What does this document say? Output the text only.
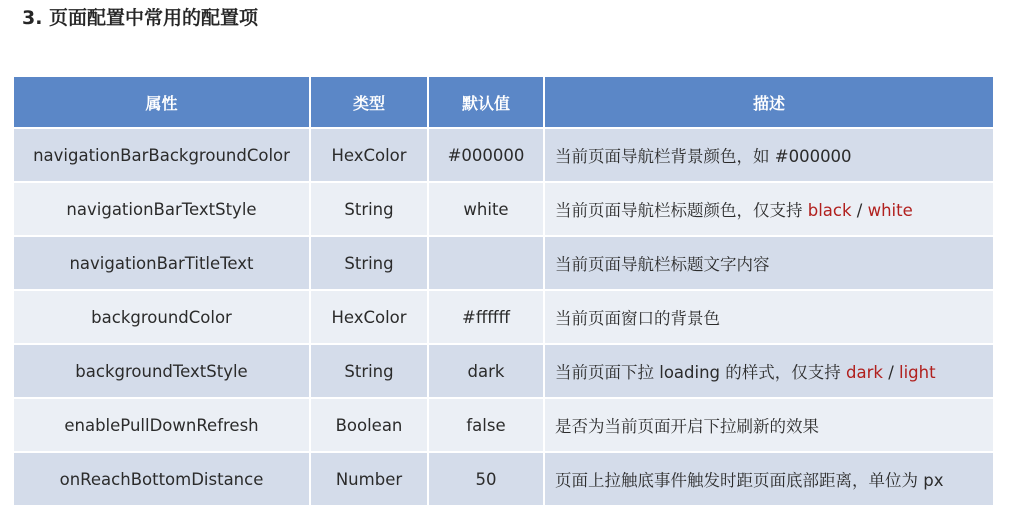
3. 页面配置中常用的配置项
属性	类型	默认值	描述
navigationBarBackgroundColor	HexColor	#000000	当前页面导航栏背景颜色，如 #000000
navigationBarTextStyle	String	white	当前页面导航栏标题颜色，仅支持 black / white
navigationBarTitleText	String		当前页面导航栏标题文字内容
backgroundColor	HexColor	#ffffff	当前页面窗口的背景色
backgroundTextStyle	String	dark	当前页面下拉 loading 的样式，仅支持 dark / light
enablePullDownRefresh	Boolean	false	是否为当前页面开启下拉刷新的效果
onReachBottomDistance	Number	50	页面上拉触底事件触发时距页面底部距离，单位为 px
